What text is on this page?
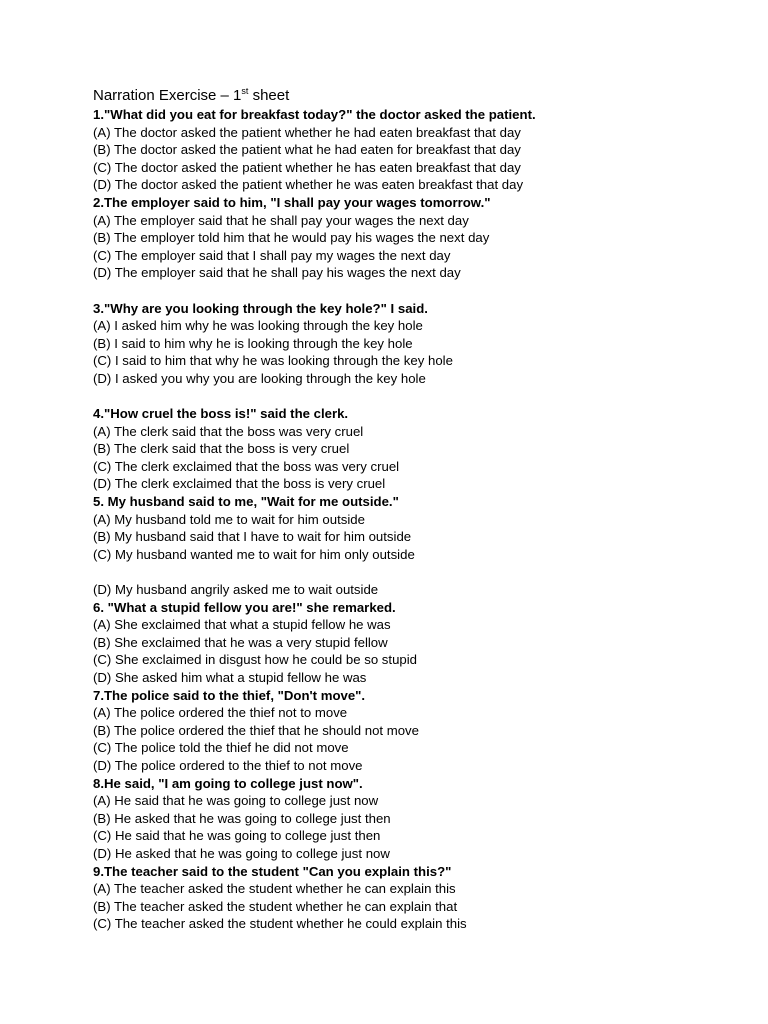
Narration Exercise – 1st sheet
1."What did you eat for breakfast today?" the doctor asked the patient.
(A) The doctor asked the patient whether he had eaten breakfast that day
(B) The doctor asked the patient what he had eaten for breakfast that day
(C) The doctor asked the patient whether he has eaten breakfast that day
(D) The doctor asked the patient whether he was eaten breakfast that day
2.The employer said to him, "I shall pay your wages tomorrow."
(A) The employer said that he shall pay your wages the next day
(B) The employer told him that he would pay his wages the next day
(C) The employer said that I shall pay my wages the next day
(D) The employer said that he shall pay his wages the next day
3."Why are you looking through the key hole?" I said.
(A) I asked him why he was looking through the key hole
(B) I said to him why he is looking through the key hole
(C) I said to him that why he was looking through the key hole
(D) I asked you why you are looking through the key hole
4."How cruel the boss is!" said the clerk.
(A) The clerk said that the boss was very cruel
(B) The clerk said that the boss is very cruel
(C) The clerk exclaimed that the boss was very cruel
(D) The clerk exclaimed that the boss is very cruel
5. My husband said to me, "Wait for me outside."
(A) My husband told me to wait for him outside
(B) My husband said that I have to wait for him outside
(C) My husband wanted me to wait for him only outside
(D) My husband angrily asked me to wait outside
6. "What a stupid fellow you are!" she remarked.
(A) She exclaimed that what a stupid fellow he was
(B) She exclaimed that he was a very stupid fellow
(C) She exclaimed in disgust how he could be so stupid
(D) She asked him what a stupid fellow he was
7.The police said to the thief, "Don't move".
(A) The police ordered the thief not to move
(B) The police ordered the thief that he should not move
(C) The police told the thief he did not move
(D) The police ordered to the thief to not move
8.He said, "I am going to college just now".
(A) He said that he was going to college just now
(B) He asked that he was going to college just then
(C) He said that he was going to college just then
(D) He asked that he was going to college just now
9.The teacher said to the student "Can you explain this?"
(A) The teacher asked the student whether he can explain this
(B) The teacher asked the student whether he can explain that
(C) The teacher asked the student whether he could explain this
